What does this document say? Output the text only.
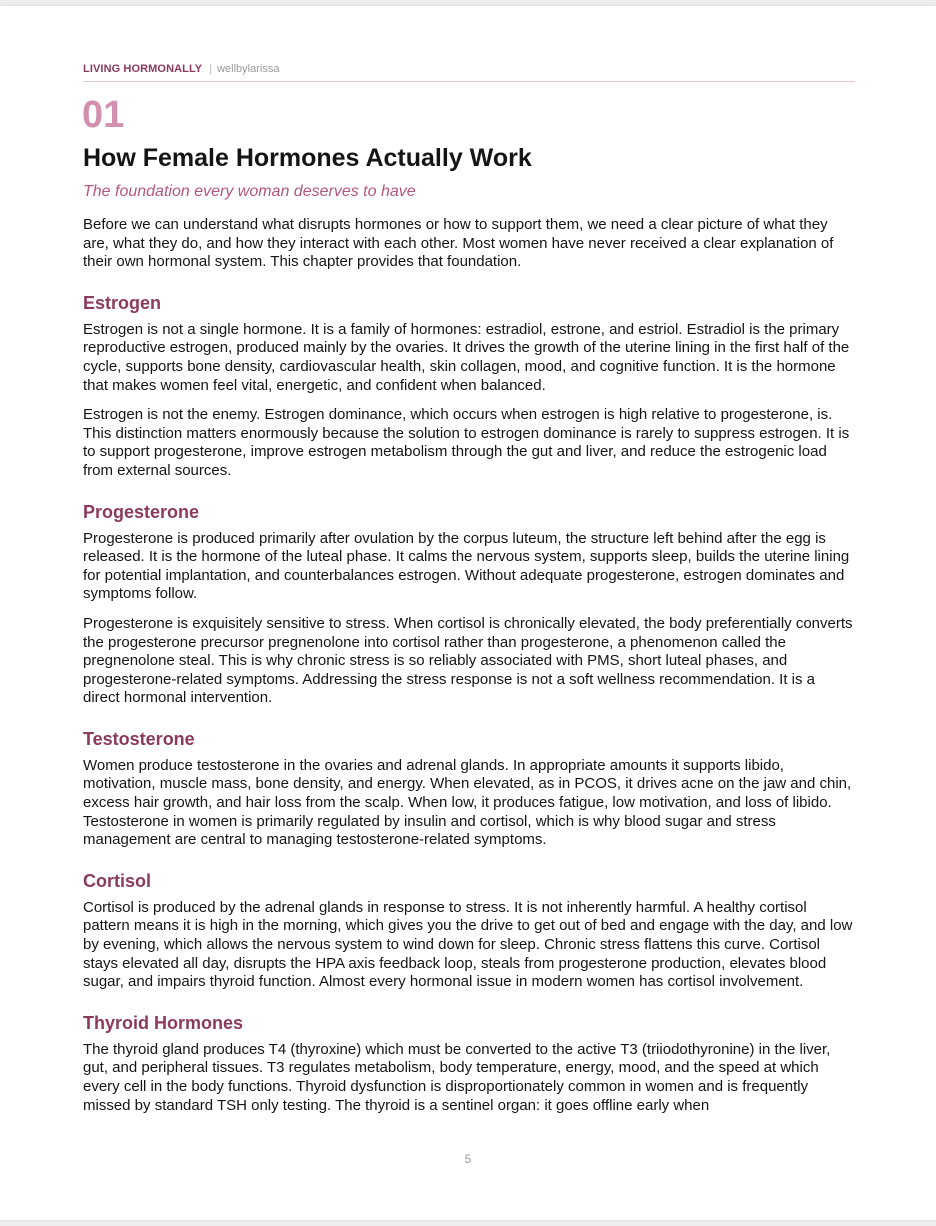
LIVING HORMONALLY | wellbylarissa
01
How Female Hormones Actually Work

The foundation every woman deserves to have

Before we can understand what disrupts hormones or how to support them, we need a clear picture of what they are, what they do, and how they interact with each other. Most women have never received a clear explanation of their own hormonal system. This chapter provides that foundation.

Estrogen

Estrogen is not a single hormone. It is a family of hormones: estradiol, estrone, and estriol. Estradiol is the primary reproductive estrogen, produced mainly by the ovaries. It drives the growth of the uterine lining in the first half of the cycle, supports bone density, cardiovascular health, skin collagen, mood, and cognitive function. It is the hormone that makes women feel vital, energetic, and confident when balanced.

Estrogen is not the enemy. Estrogen dominance, which occurs when estrogen is high relative to progesterone, is. This distinction matters enormously because the solution to estrogen dominance is rarely to suppress estrogen. It is to support progesterone, improve estrogen metabolism through the gut and liver, and reduce the estrogenic load from external sources.

Progesterone

Progesterone is produced primarily after ovulation by the corpus luteum, the structure left behind after the egg is released. It is the hormone of the luteal phase. It calms the nervous system, supports sleep, builds the uterine lining for potential implantation, and counterbalances estrogen. Without adequate progesterone, estrogen dominates and symptoms follow.

Progesterone is exquisitely sensitive to stress. When cortisol is chronically elevated, the body preferentially converts the progesterone precursor pregnenolone into cortisol rather than progesterone, a phenomenon called the pregnenolone steal. This is why chronic stress is so reliably associated with PMS, short luteal phases, and progesterone-related symptoms. Addressing the stress response is not a soft wellness recommendation. It is a direct hormonal intervention.

Testosterone

Women produce testosterone in the ovaries and adrenal glands. In appropriate amounts it supports libido, motivation, muscle mass, bone density, and energy. When elevated, as in PCOS, it drives acne on the jaw and chin, excess hair growth, and hair loss from the scalp. When low, it produces fatigue, low motivation, and loss of libido. Testosterone in women is primarily regulated by insulin and cortisol, which is why blood sugar and stress management are central to managing testosterone-related symptoms.

Cortisol

Cortisol is produced by the adrenal glands in response to stress. It is not inherently harmful. A healthy cortisol pattern means it is high in the morning, which gives you the drive to get out of bed and engage with the day, and low by evening, which allows the nervous system to wind down for sleep. Chronic stress flattens this curve. Cortisol stays elevated all day, disrupts the HPA axis feedback loop, steals from progesterone production, elevates blood sugar, and impairs thyroid function. Almost every hormonal issue in modern women has cortisol involvement.

Thyroid Hormones

The thyroid gland produces T4 (thyroxine) which must be converted to the active T3 (triiodothyronine) in the liver, gut, and peripheral tissues. T3 regulates metabolism, body temperature, energy, mood, and the speed at which every cell in the body functions. Thyroid dysfunction is disproportionately common in women and is frequently missed by standard TSH only testing. The thyroid is a sentinel organ: it goes offline early when

5
